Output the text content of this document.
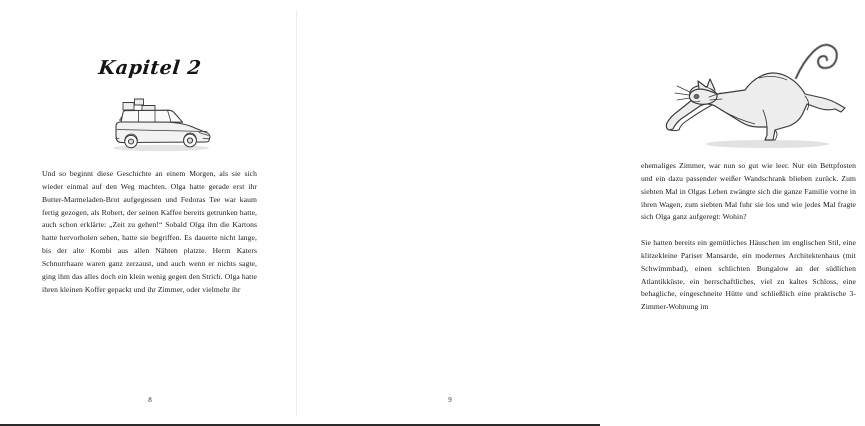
Kapitel 2

Und so beginnt diese Geschichte an einem Morgen, als sie sich wieder einmal auf den Weg machten. Olga hatte gerade erst ihr Butter-Marmeladen-Brot aufgegessen und Fedoras Tee war kaum fertig gezogen, als Robert, der seinen Kaffee bereits getrunken hatte, auch schon erklärte: „Zeit zu gehen!“ Sobald Olga ihn die Kartons hatte hervorholen sehen, hatte sie begriffen. Es dauerte nicht lange, bis der alte Kombi aus allen Nähten platzte. Herrn Katers Schnurrhaare waren ganz zerzaust, und auch wenn er nichts sagte, ging ihm das alles doch ein klein wenig gegen den Strich. Olga hatte ihren kleinen Koffer gepackt und ihr Zimmer, oder vielmehr ihr

8

ehemaliges Zimmer, war nun so gut wie leer. Nur ein Bettpfosten und ein dazu passender weißer Wandschrank blieben zurück. Zum siebten Mal in Olgas Leben zwängte sich die ganze Familie vorne in ihren Wagen, zum siebten Mal fuhr sie los und wie jedes Mal fragte sich Olga ganz aufgeregt: Wohin?

Sie hatten bereits ein gemütliches Häuschen im englischen Stil, eine klitzekleine Pariser Mansarde, ein modernes Architektenhaus (mit Schwimmbad), einen schlichten Bungalow an der südlichen Atlantikküste, ein herrschaftliches, viel zu kaltes Schloss, eine behagliche, eingeschneite Hütte und schließlich eine praktische 3-Zimmer-Wohnung im

9
